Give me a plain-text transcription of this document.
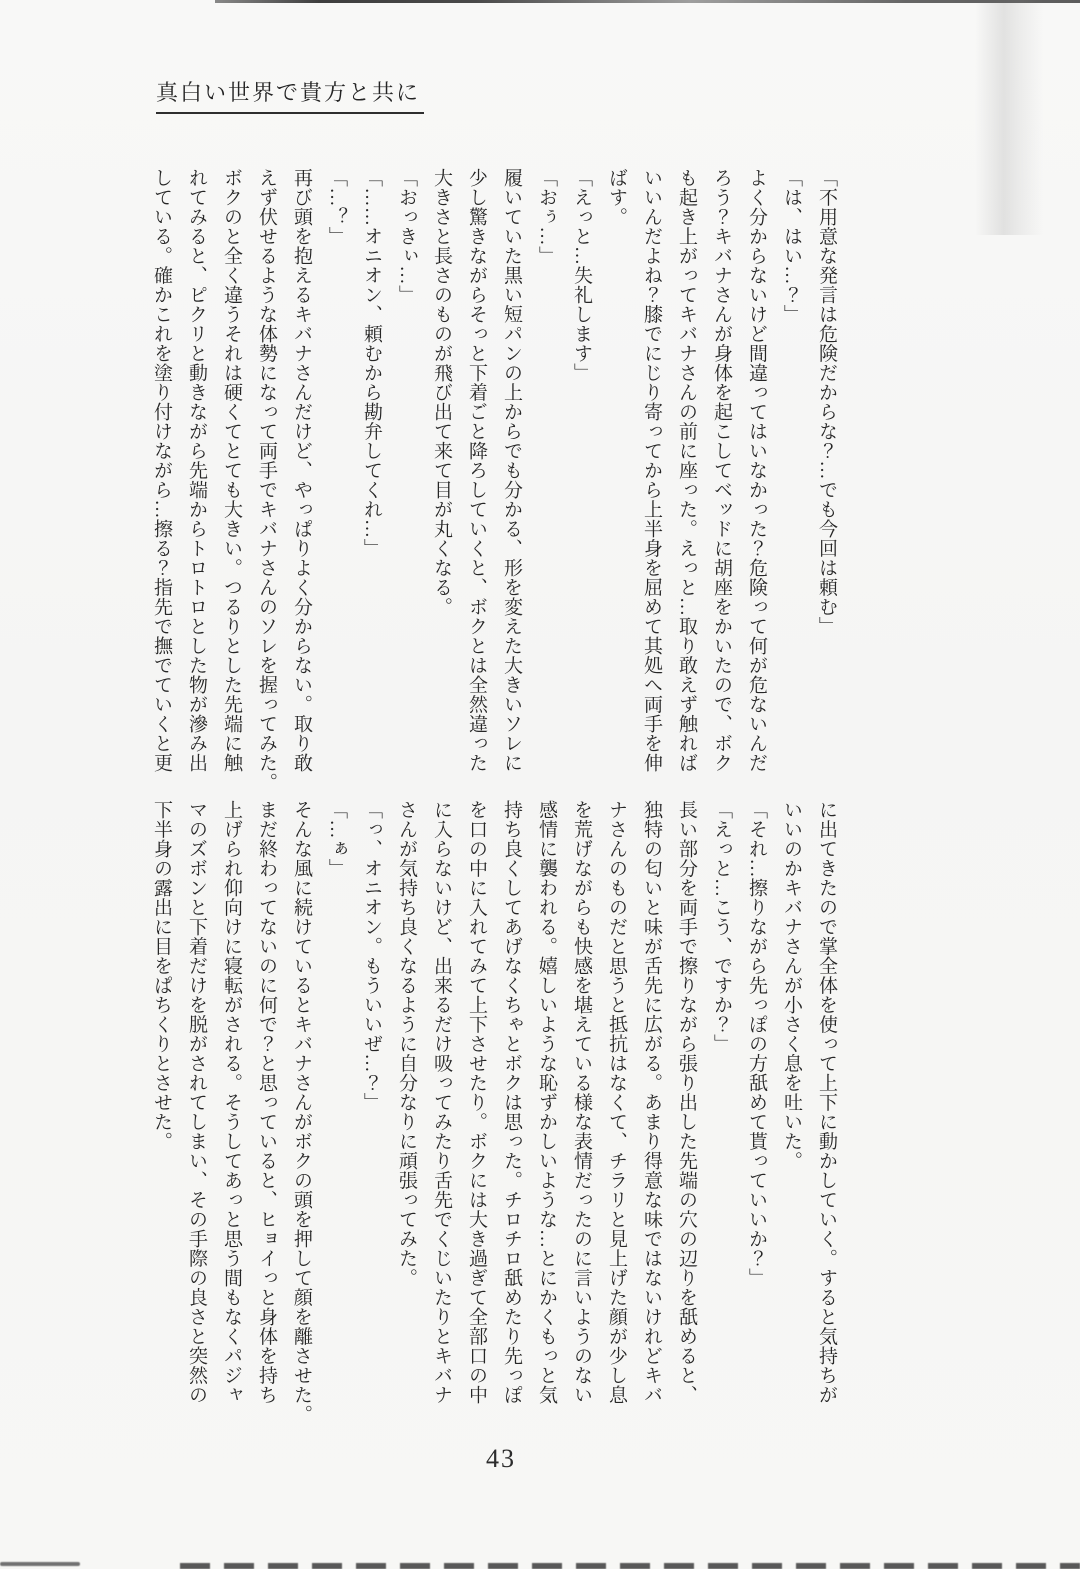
真白い世界で貴方と共に
「不用意な発言は危険だからな？…でも今回は頼む」
「は、はい…？」
よく分からないけど間違ってはいなかった？危険って何が危ないんだ
ろう？キバナさんが身体を起こしてベッドに胡座をかいたので、ボク
も起き上がってキバナさんの前に座った。えっと…取り敢えず触れば
いいんだよね？膝でにじり寄ってから上半身を屈めて其処へ両手を伸
ばす。
「えっと…失礼します」
「おぅ…」
履いていた黒い短パンの上からでも分かる、形を変えた大きいソレに
少し驚きながらそっと下着ごと降ろしていくと、ボクとは全然違った
大きさと長さのものが飛び出て来て目が丸くなる。
「おっきぃ…」
「……オニオン、頼むから勘弁してくれ…」
「…？」
再び頭を抱えるキバナさんだけど、やっぱりよく分からない。取り敢
えず伏せるような体勢になって両手でキバナさんのソレを握ってみた。
ボクのと全く違うそれは硬くてとても大きい。つるりとした先端に触
れてみると、ピクリと動きながら先端からトロトロとした物が滲み出
している。確かこれを塗り付けながら…擦る？指先で撫でていくと更
に出てきたので掌全体を使って上下に動かしていく。すると気持ちが
いいのかキバナさんが小さく息を吐いた。
「それ…擦りながら先っぽの方舐めて貰っていいか？」
「えっと…こう、ですか？」
長い部分を両手で擦りながら張り出した先端の穴の辺りを舐めると、
独特の匂いと味が舌先に広がる。あまり得意な味ではないけれどキバ
ナさんのものだと思うと抵抗はなくて、チラリと見上げた顔が少し息
を荒げながらも快感を堪えている様な表情だったのに言いようのない
感情に襲われる。嬉しいような恥ずかしいような…とにかくもっと気
持ち良くしてあげなくちゃとボクは思った。チロチロ舐めたり先っぽ
を口の中に入れてみて上下させたり。ボクには大き過ぎて全部口の中
に入らないけど、出来るだけ吸ってみたり舌先でくじいたりとキバナ
さんが気持ち良くなるように自分なりに頑張ってみた。
「っ、オニオン。もういいぜ…？」
「…ぁ」
そんな風に続けているとキバナさんがボクの頭を押して顔を離させた。
まだ終わってないのに何で？と思っていると、ヒョイっと身体を持ち
上げられ仰向けに寝転がされる。そうしてあっと思う間もなくパジャ
マのズボンと下着だけを脱がされてしまい、その手際の良さと突然の
下半身の露出に目をぱちくりとさせた。
43
